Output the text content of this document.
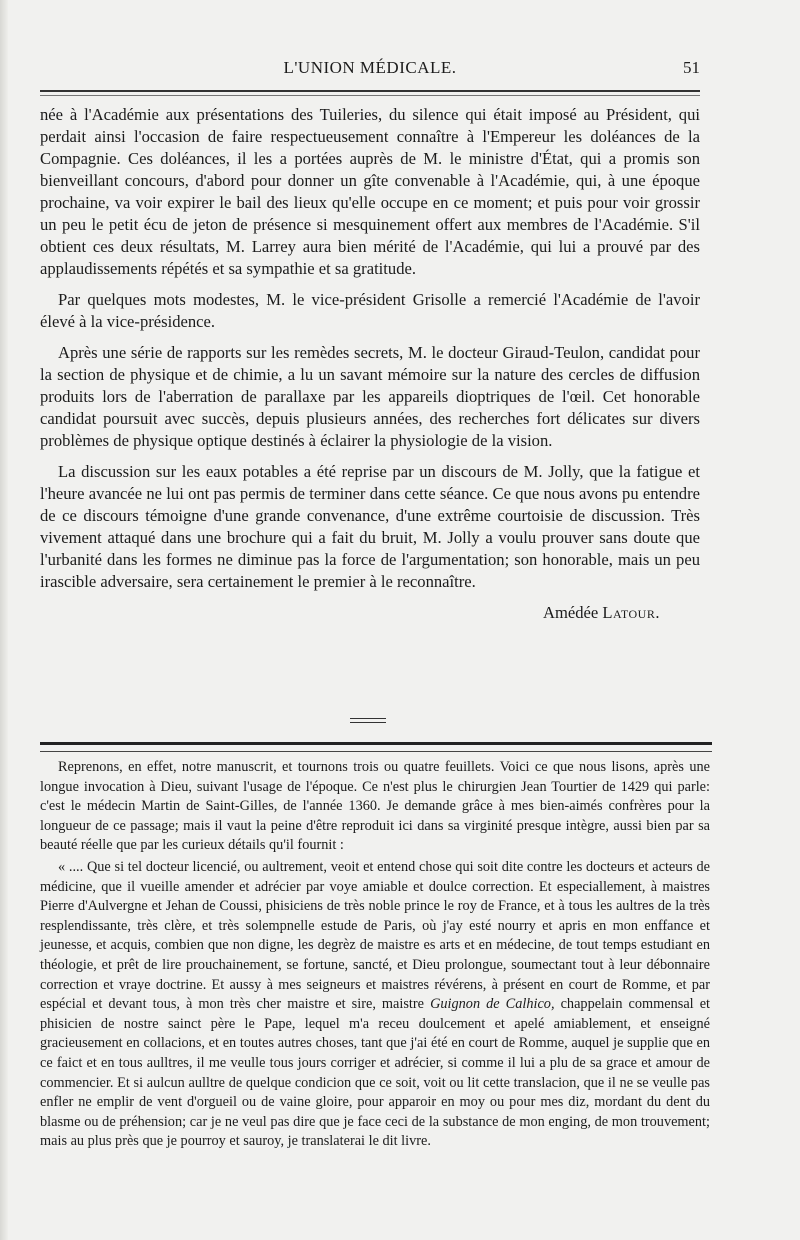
L'UNION MÉDICALE.	51

née à l'Académie aux présentations des Tuileries, du silence qui était imposé au Président, qui perdait ainsi l'occasion de faire respectueusement connaître à l'Empereur les doléances de la Compagnie. Ces doléances, il les a portées auprès de M. le ministre d'État, qui a promis son bienveillant concours, d'abord pour donner un gîte convenable à l'Académie, qui, à une époque prochaine, va voir expirer le bail des lieux qu'elle occupe en ce moment; et puis pour voir grossir un peu le petit écu de jeton de présence si mesquinement offert aux membres de l'Académie. S'il obtient ces deux résultats, M. Larrey aura bien mérité de l'Académie, qui lui a prouvé par des applaudissements répétés et sa sympathie et sa gratitude.

Par quelques mots modestes, M. le vice-président Grisolle a remercié l'Académie de l'avoir élevé à la vice-présidence.

Après une série de rapports sur les remèdes secrets, M. le docteur Giraud-Teulon, candidat pour la section de physique et de chimie, a lu un savant mémoire sur la nature des cercles de diffusion produits lors de l'aberration de parallaxe par les appareils dioptriques de l'œil. Cet honorable candidat poursuit avec succès, depuis plusieurs années, des recherches fort délicates sur divers problèmes de physique optique destinés à éclairer la physiologie de la vision.

La discussion sur les eaux potables a été reprise par un discours de M. Jolly, que la fatigue et l'heure avancée ne lui ont pas permis de terminer dans cette séance. Ce que nous avons pu entendre de ce discours témoigne d'une grande convenance, d'une extrême courtoisie de discussion. Très vivement attaqué dans une brochure qui a fait du bruit, M. Jolly a voulu prouver sans doute que l'urbanité dans les formes ne diminue pas la force de l'argumentation; son honorable, mais un peu irascible adversaire, sera certainement le premier à le reconnaître.

Amédée Latour.

Reprenons, en effet, notre manuscrit, et tournons trois ou quatre feuillets. Voici ce que nous lisons, après une longue invocation à Dieu, suivant l'usage de l'époque. Ce n'est plus le chirurgien Jean Tourtier de 1429 qui parle: c'est le médecin Martin de Saint-Gilles, de l'année 1360. Je demande grâce à mes bien-aimés confrères pour la longueur de ce passage; mais il vaut la peine d'être reproduit ici dans sa virginité presque intègre, aussi bien par sa beauté réelle que par les curieux détails qu'il fournit :

« .... Que si tel docteur licencié, ou aultrement, veoit et entend chose qui soit dite contre les docteurs et acteurs de médicine, que il vueille amender et adrécier par voye amiable et doulce correction. Et especiallement, à maistres Pierre d'Aulvergne et Jehan de Coussi, phisiciens de très noble prince le roy de France, et à tous les aultres de la très resplendissante, très clère, et très solempnelle estude de Paris, où j'ay esté nourry et apris en mon enffance et jeunesse, et acquis, combien que non digne, les degrèz de maistre es arts et en médecine, de tout temps estudiant en théologie, et prêt de lire prouchainement, se fortune, sancté, et Dieu prolongue, soumectant tout à leur débonnaire correction et vraye doctrine. Et aussy à mes seigneurs et maistres révérens, à présent en court de Romme, et par espécial et devant tous, à mon très cher maistre et sire, maistre Guignon de Calhico, chappelain commensal et phisicien de nostre sainct père le Pape, lequel m'a receu doulcement et apelé amiablement, et enseigné gracieusement en collacions, et en toutes autres choses, tant que j'ai été en court de Romme, auquel je supplie que en ce faict et en tous aulltres, il me veulle tous jours corriger et adrécier, si comme il lui a plu de sa grace et amour de commencier. Et si aulcun aulltre de quelque condicion que ce soit, voit ou lit cette translacion, que il ne se veulle pas enfler ne emplir de vent d'orgueil ou de vaine gloire, pour apparoir en moy ou pour mes diz, mordant du dent du blasme ou de préhension; car je ne veul pas dire que je face ceci de la substance de mon enging, de mon trouvement; mais au plus près que je pourroy et sauroy, je translaterai le dit livre.
